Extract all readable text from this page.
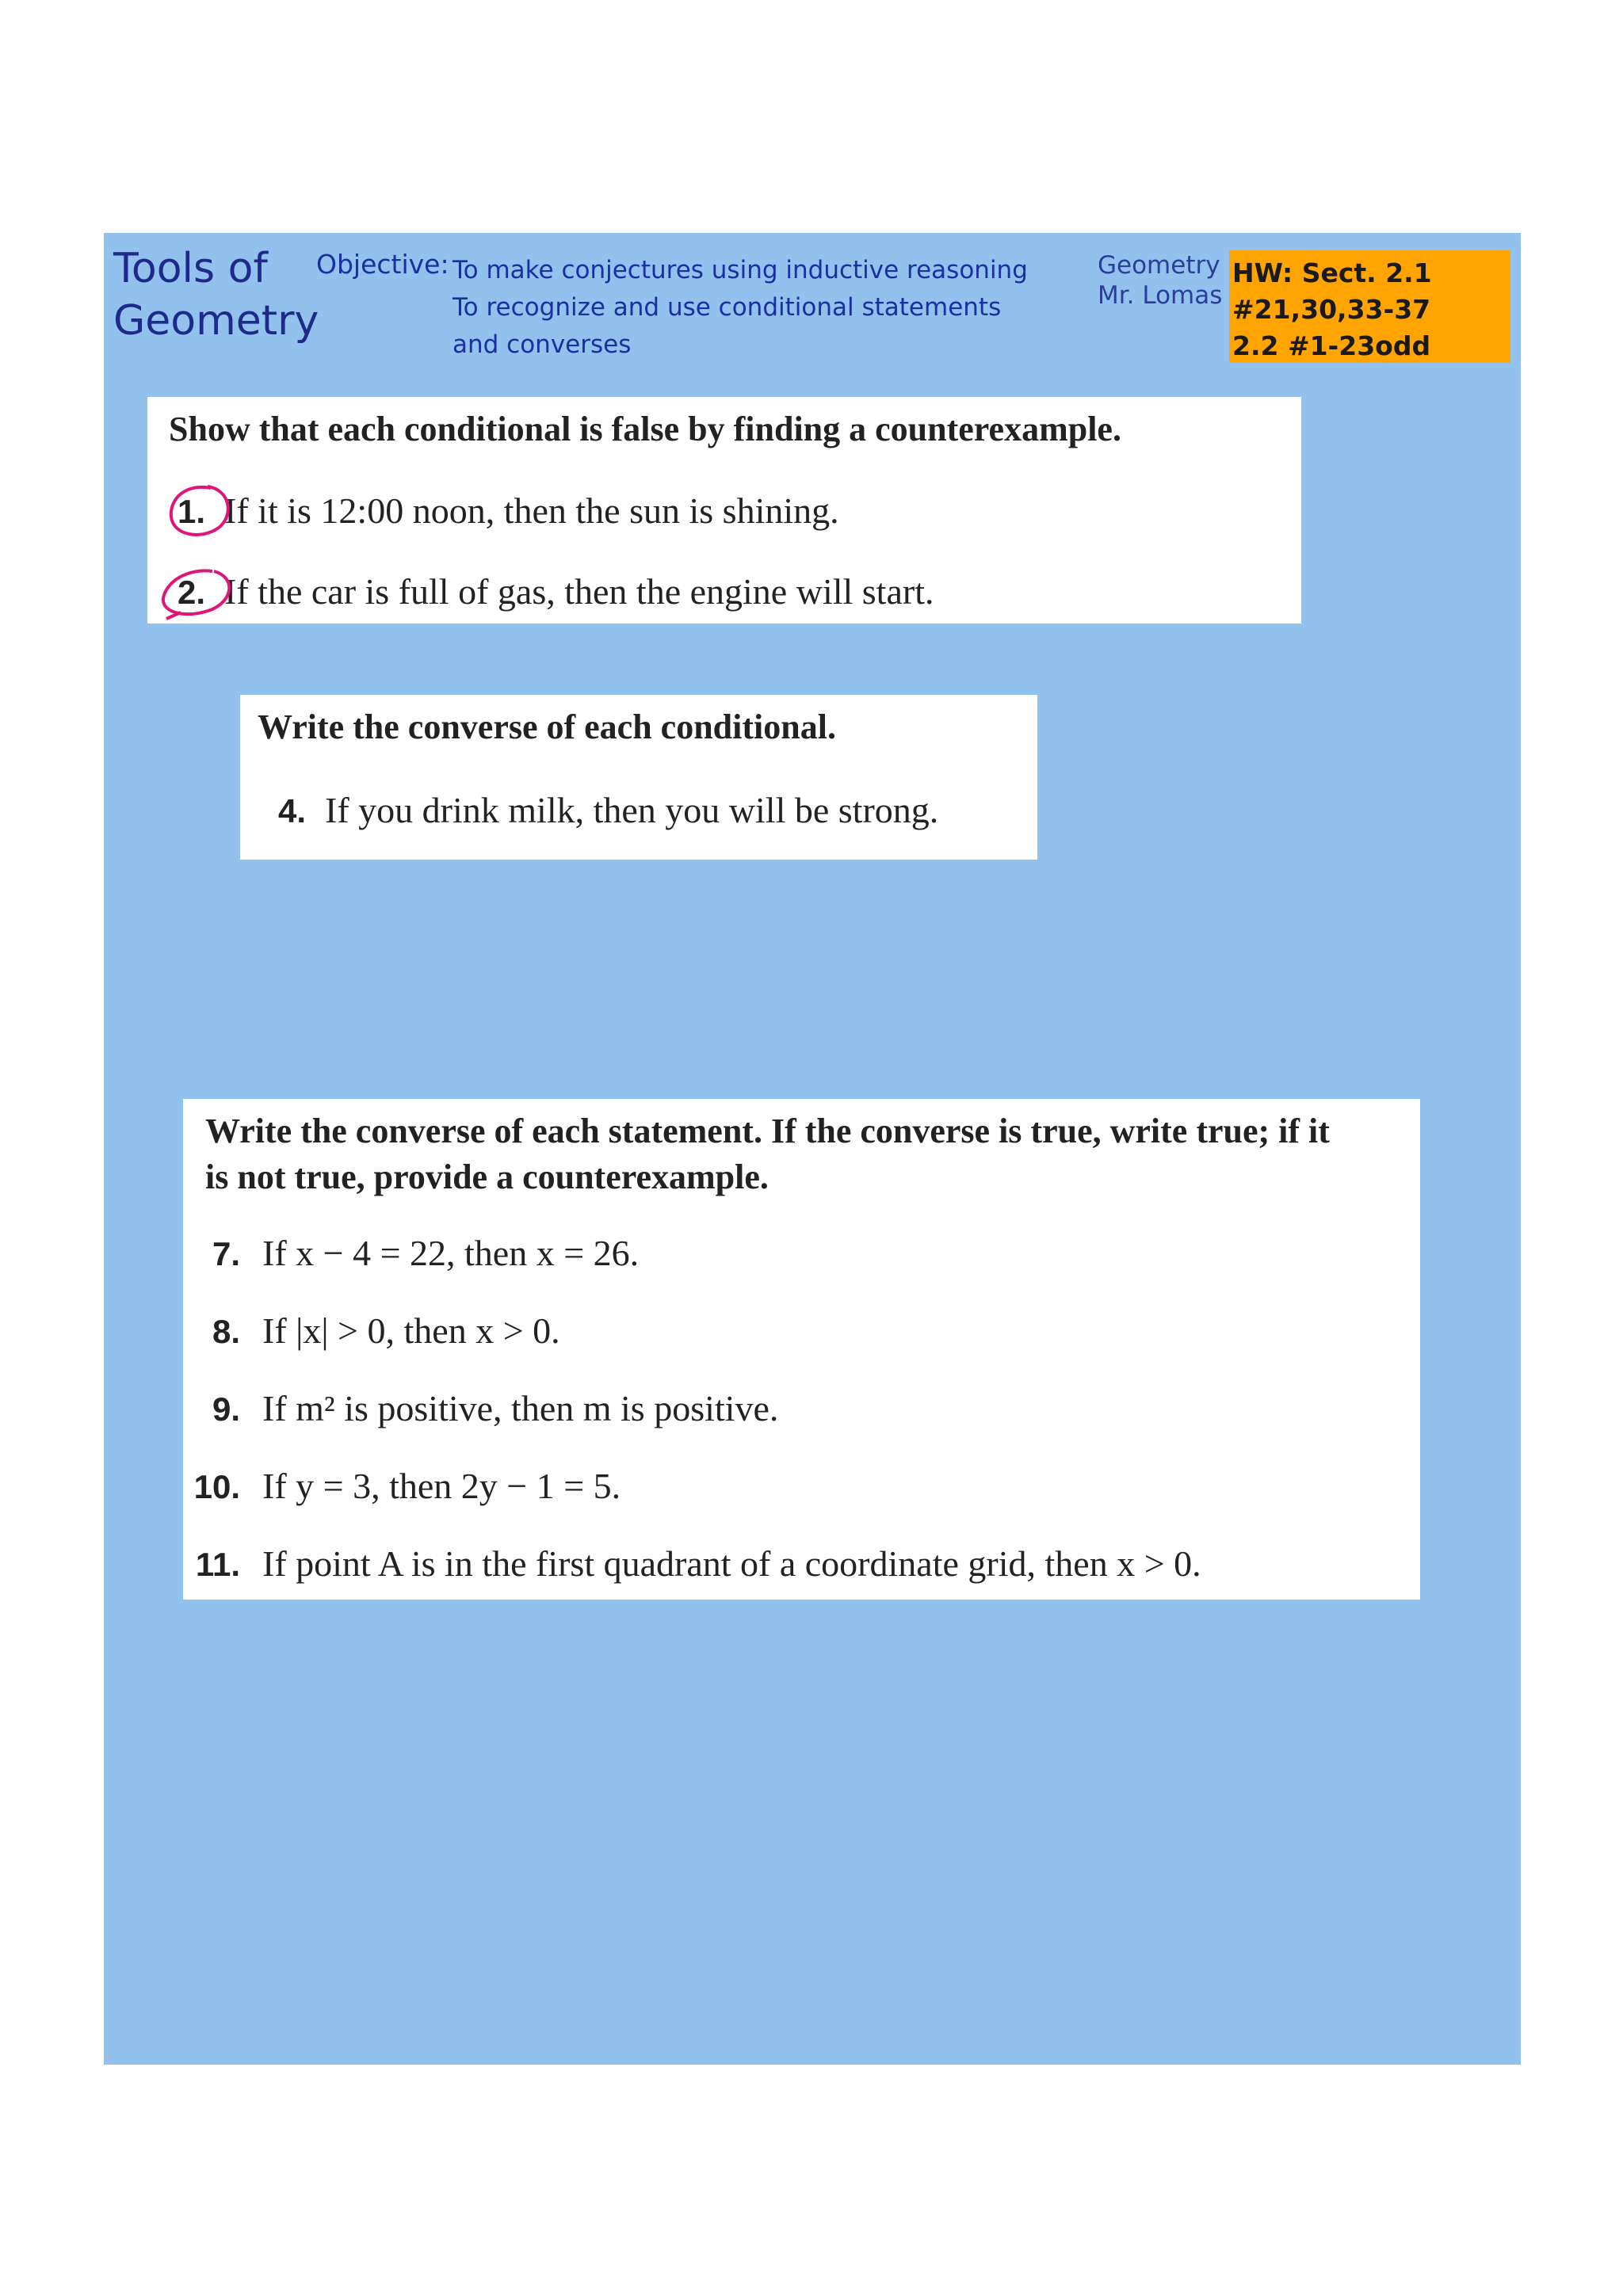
Tools of
Geometry
Objective: To make conjectures using inductive reasoning
To recognize and use conditional statements
and converses
Geometry
Mr. Lomas
HW: Sect. 2.1
#21,30,33-37
2.2 #1-23odd
Show that each conditional is false by finding a counterexample.
1. If it is 12:00 noon, then the sun is shining.
2. If the car is full of gas, then the engine will start.
Write the converse of each conditional.
4. If you drink milk, then you will be strong.
Write the converse of each statement. If the converse is true, write true; if it
is not true, provide a counterexample.
7. If x − 4 = 22, then x = 26.
8. If |x| > 0, then x > 0.
9. If m² is positive, then m is positive.
10. If y = 3, then 2y − 1 = 5.
11. If point A is in the first quadrant of a coordinate grid, then x > 0.
